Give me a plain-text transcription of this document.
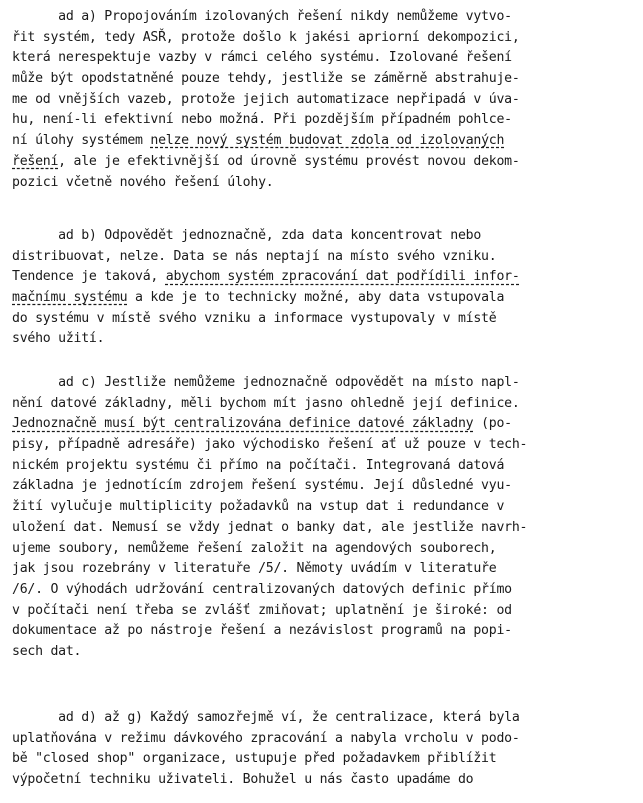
ad a) Propojováním izolovaných řešení nikdy nemůžeme vytvo-
řit systém, tedy ASŘ, protože došlo k jakési apriorní dekompozici,
která nerespektuje vazby v rámci celého systému. Izolované řešení
může být opodstatněné pouze tehdy, jestliže se záměrně abstrahuje-
me od vnějších vazeb, protože jejich automatizace nepřipadá v úva-
hu, není-li efektivní nebo možná. Při pozdějším případném pohlce-
ní úlohy systémem nelze nový systém budovat zdola od izolovaných
řešení, ale je efektivnější od úrovně systému provést novou dekom-
pozici včetně nového řešení úlohy.
ad b) Odpovědět jednoznačně, zda data koncentrovat nebo
distribuovat, nelze. Data se nás neptají na místo svého vzniku.
Tendence je taková, abychom systém zpracování dat podřídili infor-
mačnímu systému a kde je to technicky možné, aby data vstupovala
do systému v místě svého vzniku a informace vystupovaly v místě
svého užití.
ad c) Jestliže nemůžeme jednoznačně odpovědět na místo napl-
nění datové základny, měli bychom mít jasno ohledně její definice.
Jednoznačně musí být centralizována definice datové základny (po-
pisy, případně adresáře) jako východisko řešení ať už pouze v tech-
nickém projektu systému či přímo na počítači. Integrovaná datová
základna je jednotícím zdrojem řešení systému. Její důsledné vyu-
žití vylučuje multiplicity požadavků na vstup dat i redundance v
uložení dat. Nemusí se vždy jednat o banky dat, ale jestliže navrh-
ujeme soubory, nemůžeme řešení založit na agendových souborech,
jak jsou rozebrány v literatuře /5/. Němoty uvádím v literatuře
/6/. O výhodách udržování centralizovaných datových definic přímo
v počítači není třeba se zvlášť zmiňovat; uplatnění je široké: od
dokumentace až po nástroje řešení a nezávislost programů na popi-
sech dat.
ad d) až g) Každý samozřejmě ví, že centralizace, která byla
uplatňována v režimu dávkového zpracování a nabyla vrcholu v podo-
bě "closed shop" organizace, ustupuje před požadavkem přiblížit
výpočetní techniku uživateli. Bohužel u nás často upadáme do
